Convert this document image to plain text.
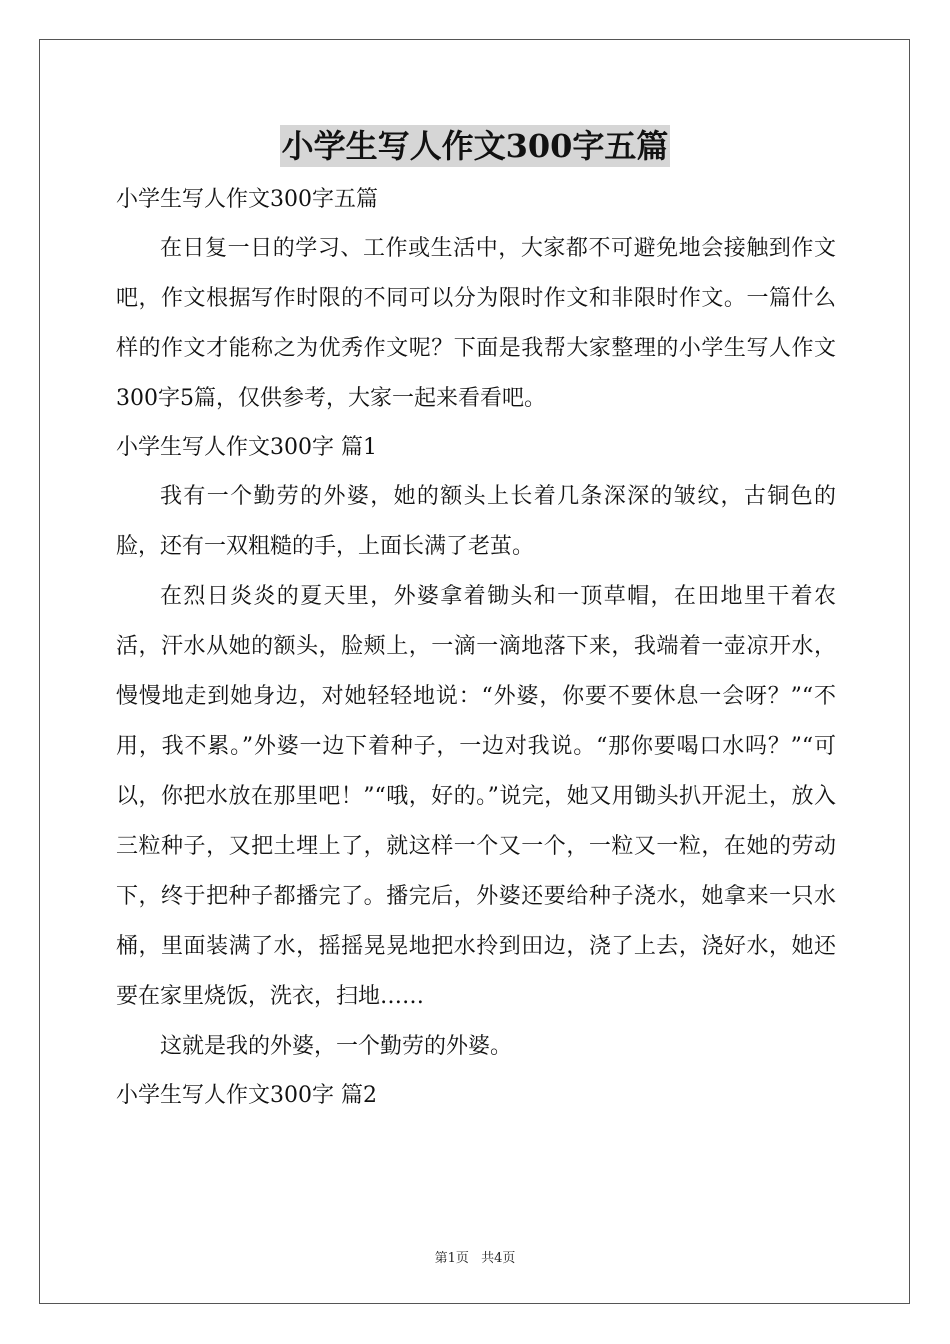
小学生写人作文300字五篇

小学生写人作文300字五篇

在日复一日的学习、工作或生活中，大家都不可避免地会接触到作文吧，作文根据写作时限的不同可以分为限时作文和非限时作文。一篇什么样的作文才能称之为优秀作文呢？下面是我帮大家整理的小学生写人作文300字5篇，仅供参考，大家一起来看看吧。

小学生写人作文300字 篇1

我有一个勤劳的外婆，她的额头上长着几条深深的皱纹，古铜色的脸，还有一双粗糙的手，上面长满了老茧。

在烈日炎炎的夏天里，外婆拿着锄头和一顶草帽，在田地里干着农活，汗水从她的额头，脸颊上，一滴一滴地落下来，我端着一壶凉开水，慢慢地走到她身边，对她轻轻地说：“外婆，你要不要休息一会呀？”“不用，我不累。”外婆一边下着种子，一边对我说。“那你要喝口水吗？”“可以，你把水放在那里吧！”“哦，好的。”说完，她又用锄头扒开泥土，放入三粒种子，又把土埋上了，就这样一个又一个，一粒又一粒，在她的劳动下，终于把种子都播完了。播完后，外婆还要给种子浇水，她拿来一只水桶，里面装满了水，摇摇晃晃地把水拎到田边，浇了上去，浇好水，她还要在家里烧饭，洗衣，扫地……

这就是我的外婆，一个勤劳的外婆。

小学生写人作文300字 篇2

第1页 共4页
